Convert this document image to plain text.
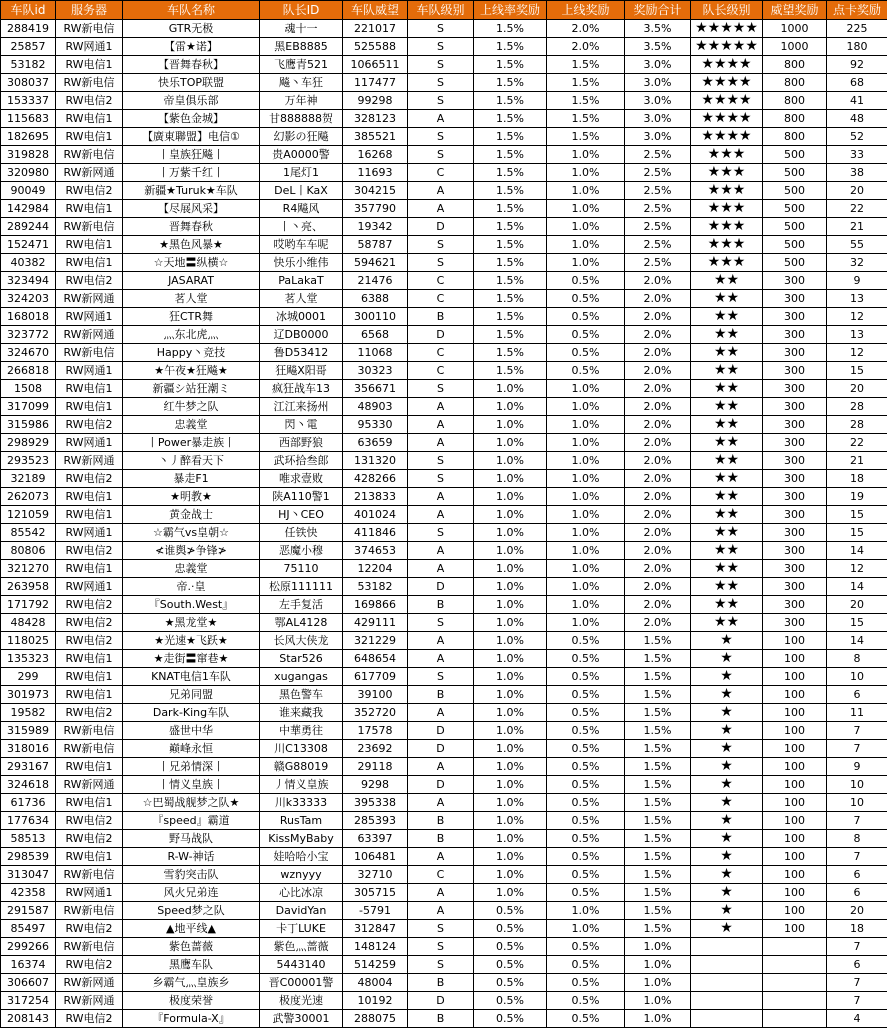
车队id	服务器	车队名称	队长ID	车队威望	车队级别	上线率奖励	上线奖励	奖励合计	队长级别	威望奖励	点卡奖励
288419	RW新电信	GTR无极	魂十一	221017	S	1.5%	2.0%	3.5%	★★★★★	1000	225
25857	RW网通1	【雷★诺】	黑EB8885	525588	S	1.5%	2.0%	3.5%	★★★★★	1000	180
53182	RW电信1	【晋舞春秋】	飞鹰青521	1066511	S	1.5%	1.5%	3.0%	★★★★	800	92
308037	RW新电信	快乐TOP联盟	飚丶车狂	117477	S	1.5%	1.5%	3.0%	★★★★	800	68
153337	RW电信2	帝皇俱乐部	万年神	99298	S	1.5%	1.5%	3.0%	★★★★	800	41
115683	RW电信1	【紫色金城】	甘888888贺	328123	A	1.5%	1.5%	3.0%	★★★★	800	48
182695	RW电信1	【廣東聯盟】电信①	幻影の狂飚	385521	S	1.5%	1.5%	3.0%	★★★★	800	52
319828	RW新电信	丨皇族狂飚丨	贵A0000警	16268	S	1.5%	1.0%	2.5%	★★★	500	33
320980	RW新网通	丨万紫千红丨	1尾灯1	11693	C	1.5%	1.0%	2.5%	★★★	500	38
90049	RW电信2	新疆★Turuk★车队	DeL丨KaX	304215	A	1.5%	1.0%	2.5%	★★★	500	20
142984	RW电信1	【尽展风采】	R4飚风	357790	A	1.5%	1.0%	2.5%	★★★	500	22
289244	RW新电信	晋舞春秋	丨丶亮、	19342	D	1.5%	1.0%	2.5%	★★★	500	21
152471	RW电信1	★黑色风暴★	哎哟车车呢	58787	S	1.5%	1.0%	2.5%	★★★	500	55
40382	RW电信1	☆天地〓纵横☆	快乐小维伟	594621	S	1.5%	1.0%	2.5%	★★★	500	32
323494	RW电信2	JASARAT	PaLakaT	21476	C	1.5%	0.5%	2.0%	★★	300	9
324203	RW新网通	茗人堂	茗人堂	6388	C	1.5%	0.5%	2.0%	★★	300	13
168018	RW网通1	狂CTR舞	冰城0001	300110	B	1.5%	0.5%	2.0%	★★	300	12
323772	RW新网通	灬东北虎灬	辽DB0000	6568	D	1.5%	0.5%	2.0%	★★	300	13
324670	RW新电信	Happy丶竞技	鲁D53412	11068	C	1.5%	0.5%	2.0%	★★	300	12
266818	RW网通1	★午夜★狂飚★	狂飚X阳哥	30323	C	1.5%	0.5%	2.0%	★★	300	15
1508	RW电信1	新疆シ站狂潮ミ	疯狂战车13	356671	S	1.0%	1.0%	2.0%	★★	300	20
317099	RW电信1	红牛梦之队	江江来扬州	48903	A	1.0%	1.0%	2.0%	★★	300	28
315986	RW电信2	忠義堂	閃丶電	95330	A	1.0%	1.0%	2.0%	★★	300	28
298929	RW网通1	丨Power暴走族丨	西部野狼	63659	A	1.0%	1.0%	2.0%	★★	300	22
293523	RW新网通	丶丿醉看天下	武环拾叁郎	131320	S	1.0%	1.0%	2.0%	★★	300	21
32189	RW电信2	暴走F1	唯求壹败	428266	S	1.0%	1.0%	2.0%	★★	300	18
262073	RW电信1	★明教★	陕A110警1	213833	A	1.0%	1.0%	2.0%	★★	300	19
121059	RW电信1	黄金战士	HJ丶CEO	401024	A	1.0%	1.0%	2.0%	★★	300	15
85542	RW网通1	☆霸气vs皇朝☆	任铁快	411846	S	1.0%	1.0%	2.0%	★★	300	15
80806	RW电信2	≮谁舆≯争锋≯	恶魔小穆	374653	A	1.0%	1.0%	2.0%	★★	300	14
321270	RW电信1	忠義堂	75110	12204	A	1.0%	1.0%	2.0%	★★	300	12
263958	RW网通1	帝.·皇	松原111111	53182	D	1.0%	1.0%	2.0%	★★	300	14
171792	RW电信2	『South.West』	左手复活	169866	B	1.0%	1.0%	2.0%	★★	300	20
48428	RW电信2	★黑龙堂★	鄂AL4128	429111	S	1.0%	1.0%	2.0%	★★	300	15
118025	RW电信2	★光速★飞跃★	长风大侠龙	321229	A	1.0%	0.5%	1.5%	★	100	14
135323	RW电信1	★走街〓窜巷★	Star526	648654	A	1.0%	0.5%	1.5%	★	100	8
299	RW电信1	KNAT电信1车队	xugangas	617709	S	1.0%	0.5%	1.5%	★	100	10
301973	RW电信1	兄弟同盟	黑色警车	39100	B	1.0%	0.5%	1.5%	★	100	6
19582	RW电信2	Dark-King车队	谁来藏我	352720	A	1.0%	0.5%	1.5%	★	100	11
315989	RW新电信	盛世中华	中華勇往	17578	D	1.0%	0.5%	1.5%	★	100	7
318016	RW新电信	巅峰永恒	川C13308	23692	D	1.0%	0.5%	1.5%	★	100	7
293167	RW电信1	丨兄弟情深丨	赣G88019	29118	A	1.0%	0.5%	1.5%	★	100	9
324618	RW新网通	丨情义皇族丨	丿情义皇族	9298	D	1.0%	0.5%	1.5%	★	100	10
61736	RW电信1	☆巴蜀战舰梦之队★	川k33333	395338	A	1.0%	0.5%	1.5%	★	100	10
177634	RW电信2	『speed』霸道	RusTam	285393	B	1.0%	0.5%	1.5%	★	100	7
58513	RW电信2	野马战队	KissMyBaby	63397	B	1.0%	0.5%	1.5%	★	100	8
298539	RW电信1	R-W-神话	娃哈哈小宝	106481	A	1.0%	0.5%	1.5%	★	100	7
313047	RW新电信	雪豹突击队	wznyyy	32710	C	1.0%	0.5%	1.5%	★	100	6
42358	RW网通1	风火兄弟连	心比冰凉	305715	A	1.0%	0.5%	1.5%	★	100	6
291587	RW新电信	Speed梦之队	DavidYan	-5791	A	0.5%	1.0%	1.5%	★	100	20
85497	RW电信2	▲地平线▲	卡丁LUKE	312847	S	0.5%	1.0%	1.5%	★	100	18
299266	RW新电信	紫色蔷薇	紫色灬蔷薇	148124	S	0.5%	0.5%	1.0%			7
16374	RW电信2	黑鹰车队	5443140	514259	S	0.5%	0.5%	1.0%			6
306607	RW新网通	乡霸气灬皇族乡	晋C00001警	48004	B	0.5%	0.5%	1.0%			7
317254	RW新网通	极度荣誉	极度光速	10192	D	0.5%	0.5%	1.0%			7
208143	RW电信2	『Formula-X』	武警30001	288075	B	0.5%	0.5%	1.0%			4
